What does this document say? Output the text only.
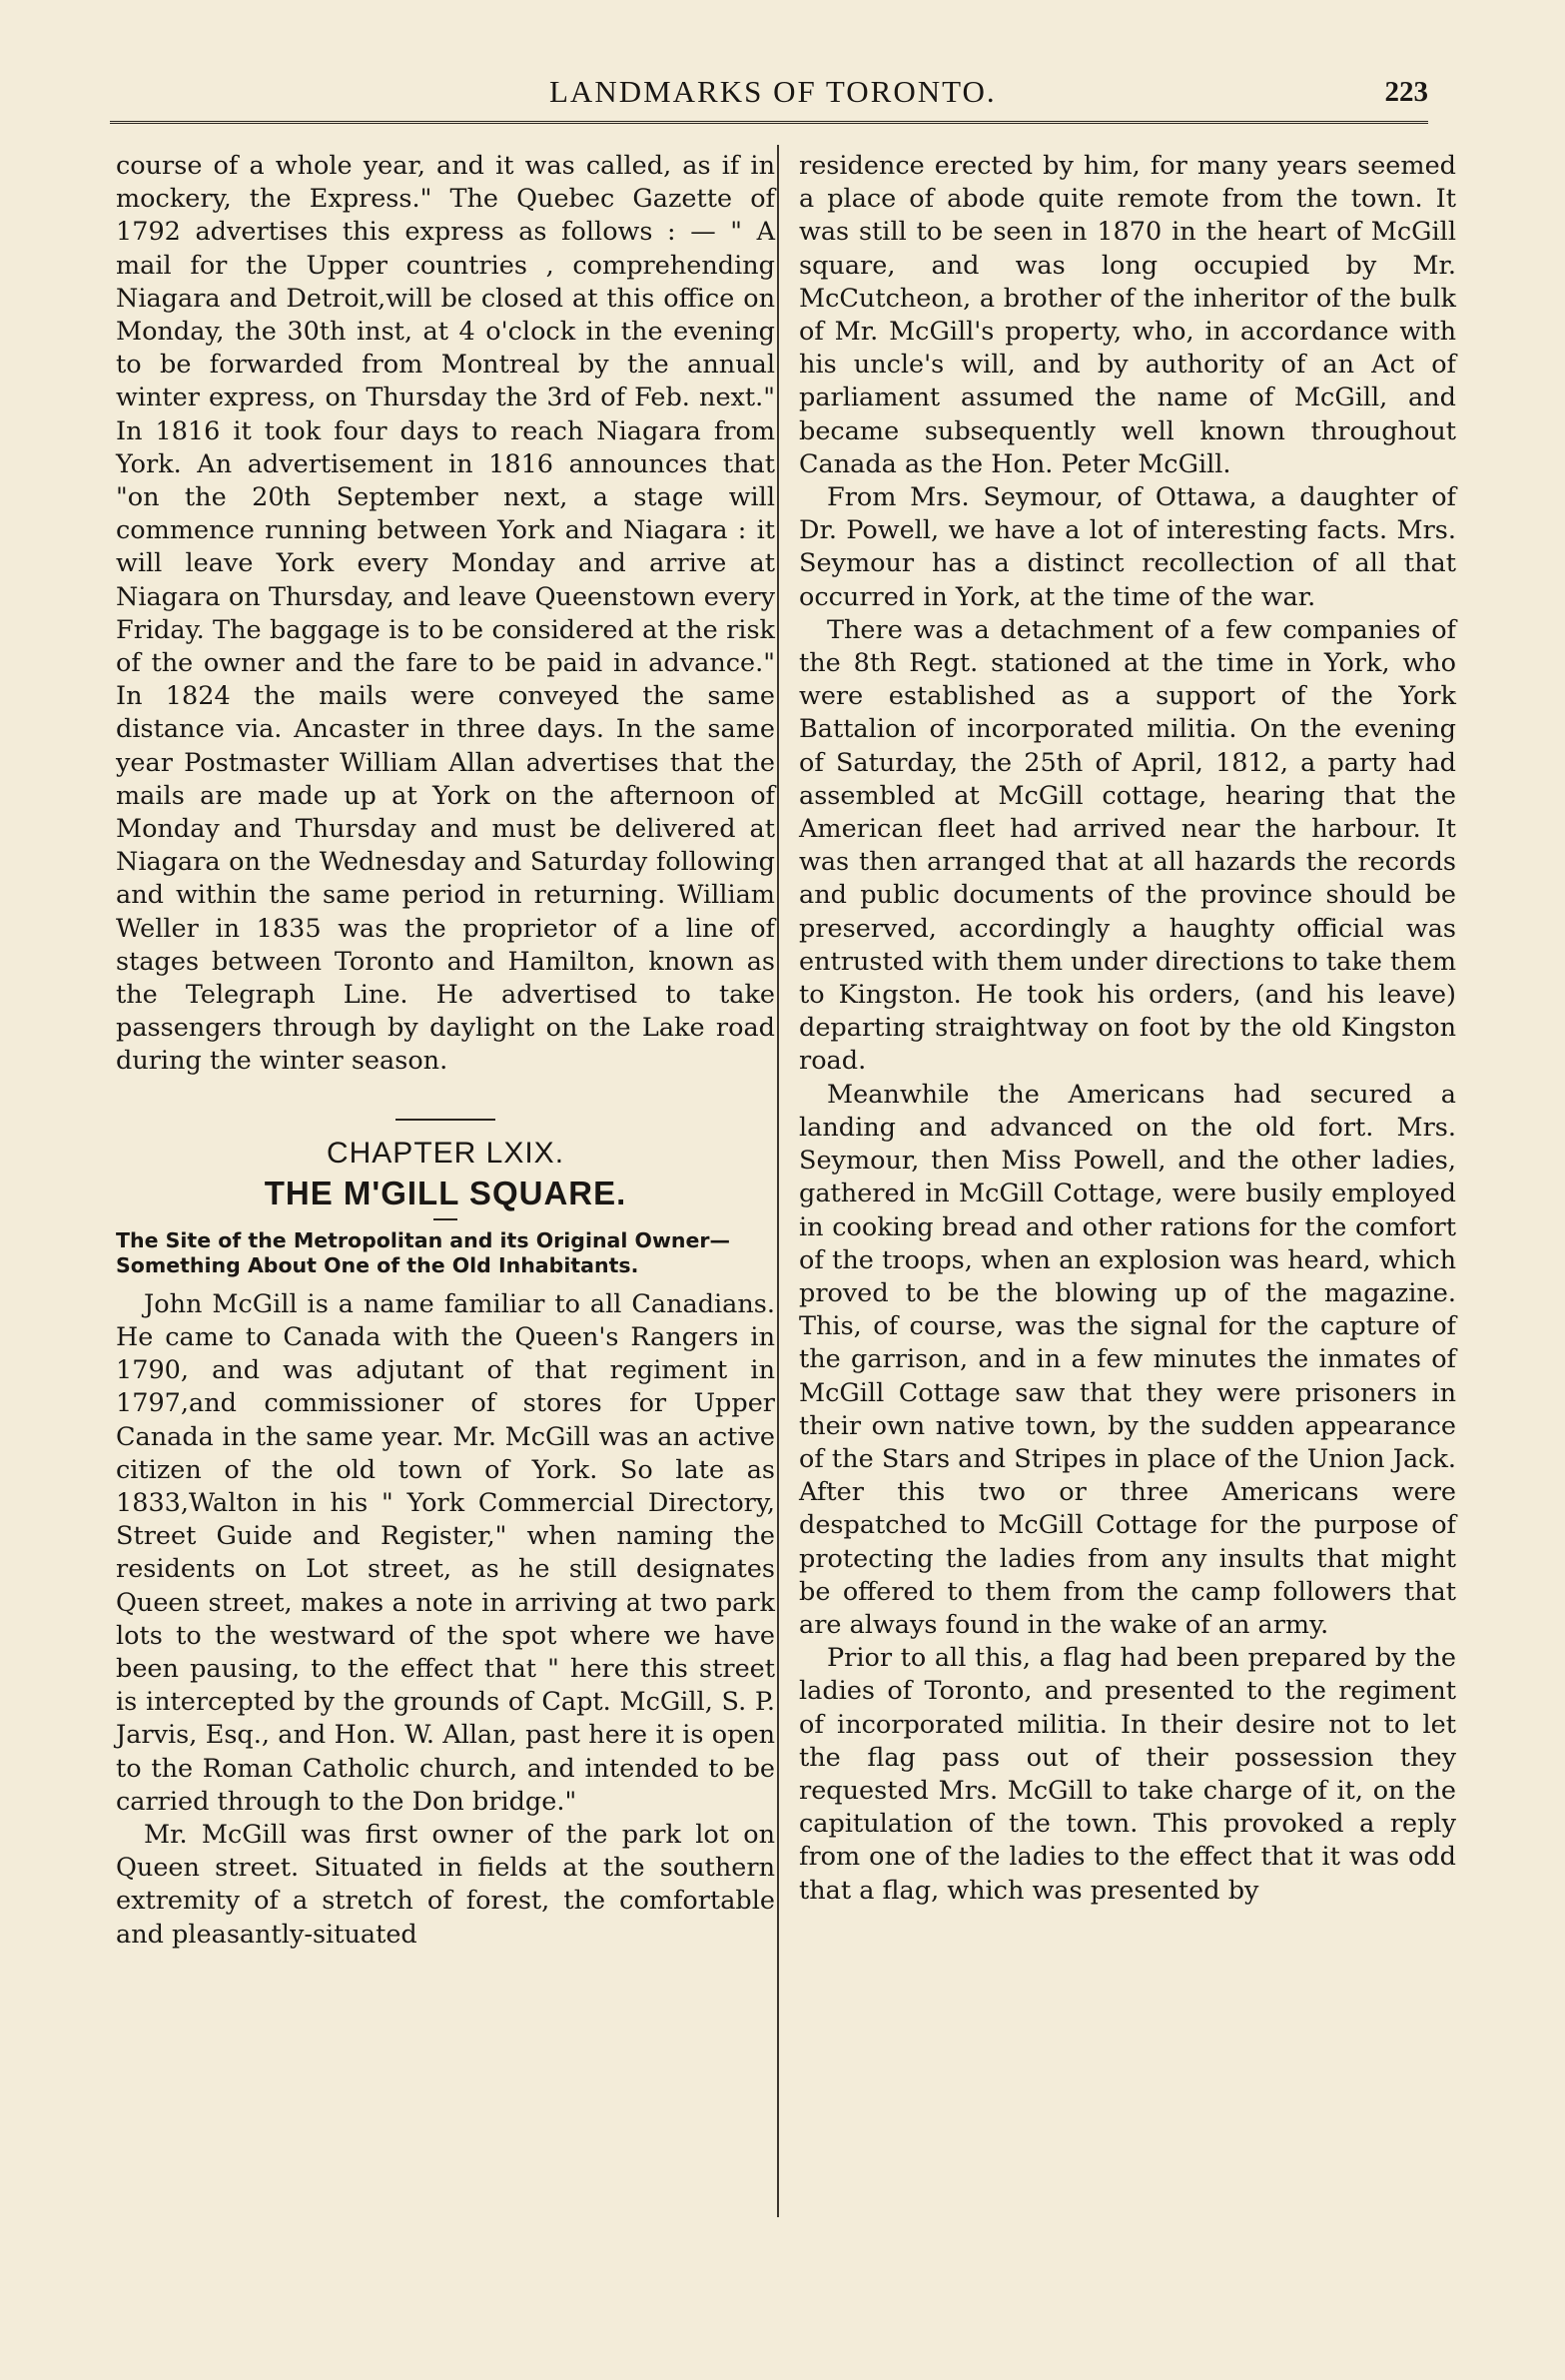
LANDMARKS OF TORONTO.	223

course of a whole year, and it was called, as if in mockery, the Express." The Quebec Gazette of 1792 advertises this express as follows : — " A mail for the Upper countries , comprehending Niagara and Detroit,will be closed at this office on Monday, the 30th inst, at 4 o'clock in the evening to be forwarded from Montreal by the annual winter express, on Thursday the 3rd of Feb. next." In 1816 it took four days to reach Niagara from York. An advertisement in 1816 announces that "on the 20th September next, a stage will commence running between York and Niagara : it will leave York every Monday and arrive at Niagara on Thursday, and leave Queenstown every Friday. The baggage is to be considered at the risk of the owner and the fare to be paid in advance." In 1824 the mails were conveyed the same distance via. Ancaster in three days. In the same year Postmaster William Allan advertises that the mails are made up at York on the afternoon of Monday and Thursday and must be delivered at Niagara on the Wednesday and Saturday following and within the same period in returning. William Weller in 1835 was the proprietor of a line of stages between Toronto and Hamilton, known as the Telegraph Line. He advertised to take passengers through by daylight on the Lake road during the winter season.

CHAPTER LXIX.
THE M'GILL SQUARE.
The Site of the Metropolitan and its Original Owner—Something About One of the Old Inhabitants.

John McGill is a name familiar to all Canadians. He came to Canada with the Queen's Rangers in 1790, and was adjutant of that regiment in 1797,and commissioner of stores for Upper Canada in the same year. Mr. McGill was an active citizen of the old town of York. So late as 1833,Walton in his " York Commercial Directory, Street Guide and Register," when naming the residents on Lot street, as he still designates Queen street, makes a note in arriving at two park lots to the westward of the spot where we have been pausing, to the effect that " here this street is intercepted by the grounds of Capt. McGill, S. P. Jarvis, Esq., and Hon. W. Allan, past here it is open to the Roman Catholic church, and intended to be carried through to the Don bridge."

Mr. McGill was first owner of the park lot on Queen street. Situated in fields at the southern extremity of a stretch of forest, the comfortable and pleasantly-situated

residence erected by him, for many years seemed a place of abode quite remote from the town. It was still to be seen in 1870 in the heart of McGill square, and was long occupied by Mr. McCutcheon, a brother of the inheritor of the bulk of Mr. McGill's property, who, in accordance with his uncle's will, and by authority of an Act of parliament assumed the name of McGill, and became subsequently well known throughout Canada as the Hon. Peter McGill.

From Mrs. Seymour, of Ottawa, a daughter of Dr. Powell, we have a lot of interesting facts. Mrs. Seymour has a distinct recollection of all that occurred in York, at the time of the war.

There was a detachment of a few companies of the 8th Regt. stationed at the time in York, who were established as a support of the York Battalion of incorporated militia. On the evening of Saturday, the 25th of April, 1812, a party had assembled at McGill cottage, hearing that the American fleet had arrived near the harbour. It was then arranged that at all hazards the records and public documents of the province should be preserved, accordingly a haughty official was entrusted with them under directions to take them to Kingston. He took his orders, (and his leave) departing straightway on foot by the old Kingston road.

Meanwhile the Americans had secured a landing and advanced on the old fort. Mrs. Seymour, then Miss Powell, and the other ladies, gathered in McGill Cottage, were busily employed in cooking bread and other rations for the comfort of the troops, when an explosion was heard, which proved to be the blowing up of the magazine. This, of course, was the signal for the capture of the garrison, and in a few minutes the inmates of McGill Cottage saw that they were prisoners in their own native town, by the sudden appearance of the Stars and Stripes in place of the Union Jack. After this two or three Americans were despatched to McGill Cottage for the purpose of protecting the ladies from any insults that might be offered to them from the camp followers that are always found in the wake of an army.

Prior to all this, a flag had been prepared by the ladies of Toronto, and presented to the regiment of incorporated militia. In their desire not to let the flag pass out of their possession they requested Mrs. McGill to take charge of it, on the capitulation of the town. This provoked a reply from one of the ladies to the effect that it was odd that a flag, which was presented by
